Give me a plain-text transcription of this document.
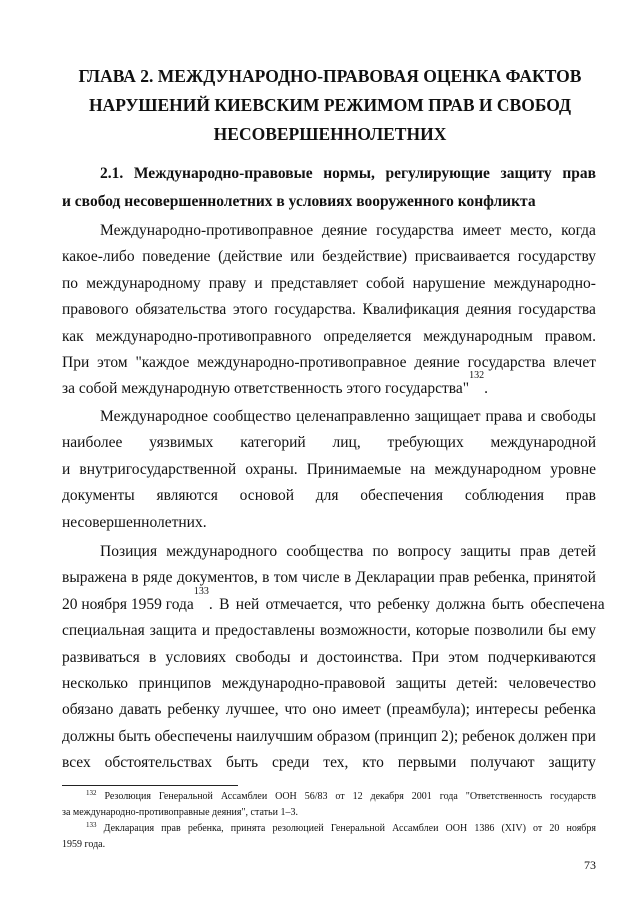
ГЛАВА 2. МЕЖДУНАРОДНО-ПРАВОВАЯ ОЦЕНКА ФАКТОВ
НАРУШЕНИЙ КИЕВСКИМ РЕЖИМОМ ПРАВ И СВОБОД
НЕСОВЕРШЕННОЛЕТНИХ
2.1. Международно-правовые нормы, регулирующие защиту прав
и свобод несовершеннолетних в условиях вооруженного конфликта
Международно-противоправное деяние государства имеет место, когда
какое-либо поведение (действие или бездействие) присваивается государству
по международному праву и представляет собой нарушение международно-
правового обязательства этого государства. Квалификация деяния государства
как международно-противоправного определяется международным правом.
При этом "каждое международно-противоправное деяние государства влечет
за собой международную ответственность этого государства"
132
.
Международное сообщество целенаправленно защищает права и свободы
наиболее уязвимых категорий лиц, требующих международной
и внутригосударственной охраны. Принимаемые на международном уровне
документы являются основой для обеспечения соблюдения прав
несовершеннолетних.
Позиция международного сообщества по вопросу защиты прав детей
выражена в ряде документов, в том числе в Декларации прав ребенка, принятой
20 ноября 1959 года
133
. В ней отмечается, что ребенку должна быть обеспечена
специальная защита и предоставлены возможности, которые позволили бы ему
развиваться в условиях свободы и достоинства. При этом подчеркиваются
несколько принципов международно-правовой защиты детей: человечество
обязано давать ребенку лучшее, что оно имеет (преамбула); интересы ребенка
должны быть обеспечены наилучшим образом (принцип 2); ребенок должен при
всех обстоятельствах быть среди тех, кто первыми получают защиту
$^{132}$ Резолюция Генеральной Ассамблеи ООН 56/83 от 12 декабря 2001 года "Ответственность государств
за международно-противоправные деяния", статьи 1–3.
$^{133}$ Декларация прав ребенка, принята резолюцией Генеральной Ассамблеи ООН 1386 (XIV) от 20 ноября
1959 года.
73
